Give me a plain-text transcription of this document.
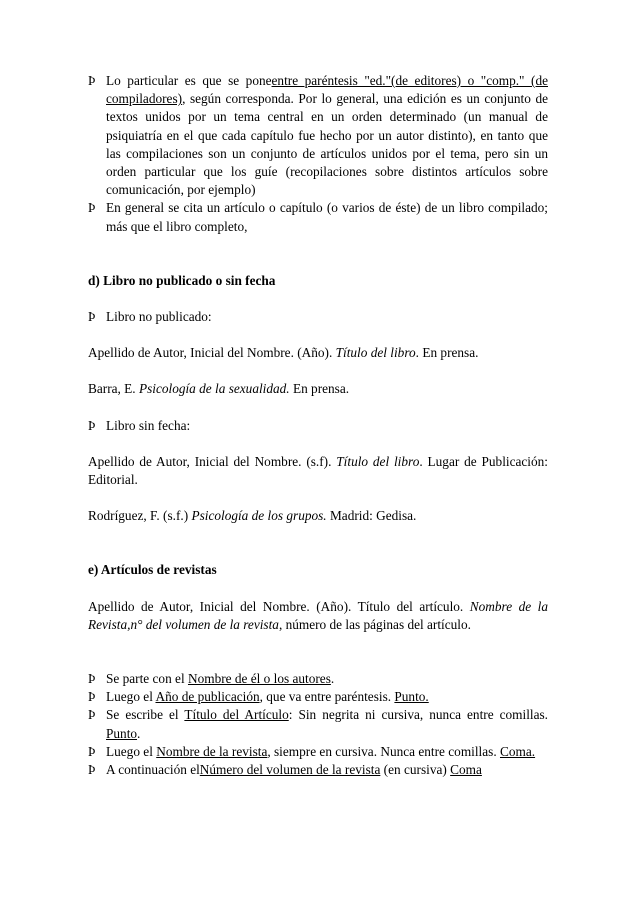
Þ Lo particular es que se poneentre paréntesis "ed."(de editores) o "comp." (de compiladores), según corresponda. Por lo general, una edición es un conjunto de textos unidos por un tema central en un orden determinado (un manual de psiquiatría en el que cada capítulo fue hecho por un autor distinto), en tanto que las compilaciones son un conjunto de artículos unidos por el tema, pero sin un orden particular que los guíe (recopilaciones sobre distintos artículos sobre comunicación, por ejemplo)
Þ En general se cita un artículo o capítulo (o varios de éste) de un libro compilado; más que el libro completo,

d) Libro no publicado o sin fecha

Þ Libro no publicado:

Apellido de Autor, Inicial del Nombre. (Año). Título del libro. En prensa.

Barra, E. Psicología de la sexualidad. En prensa.

Þ Libro sin fecha:

Apellido de Autor, Inicial del Nombre. (s.f). Título del libro. Lugar de Publicación: Editorial.

Rodríguez, F. (s.f.) Psicología de los grupos. Madrid: Gedisa.

e) Artículos de revistas

Apellido de Autor, Inicial del Nombre. (Año). Título del artículo. Nombre de la Revista,n° del volumen de la revista, número de las páginas del artículo.

Þ Se parte con el Nombre de él o los autores.
Þ Luego el Año de publicación, que va entre paréntesis. Punto.
Þ Se escribe el Título del Artículo: Sin negrita ni cursiva, nunca entre comillas. Punto.
Þ Luego el Nombre de la revista, siempre en cursiva. Nunca entre comillas. Coma.
Þ A continuación elNúmero del volumen de la revista (en cursiva) Coma
